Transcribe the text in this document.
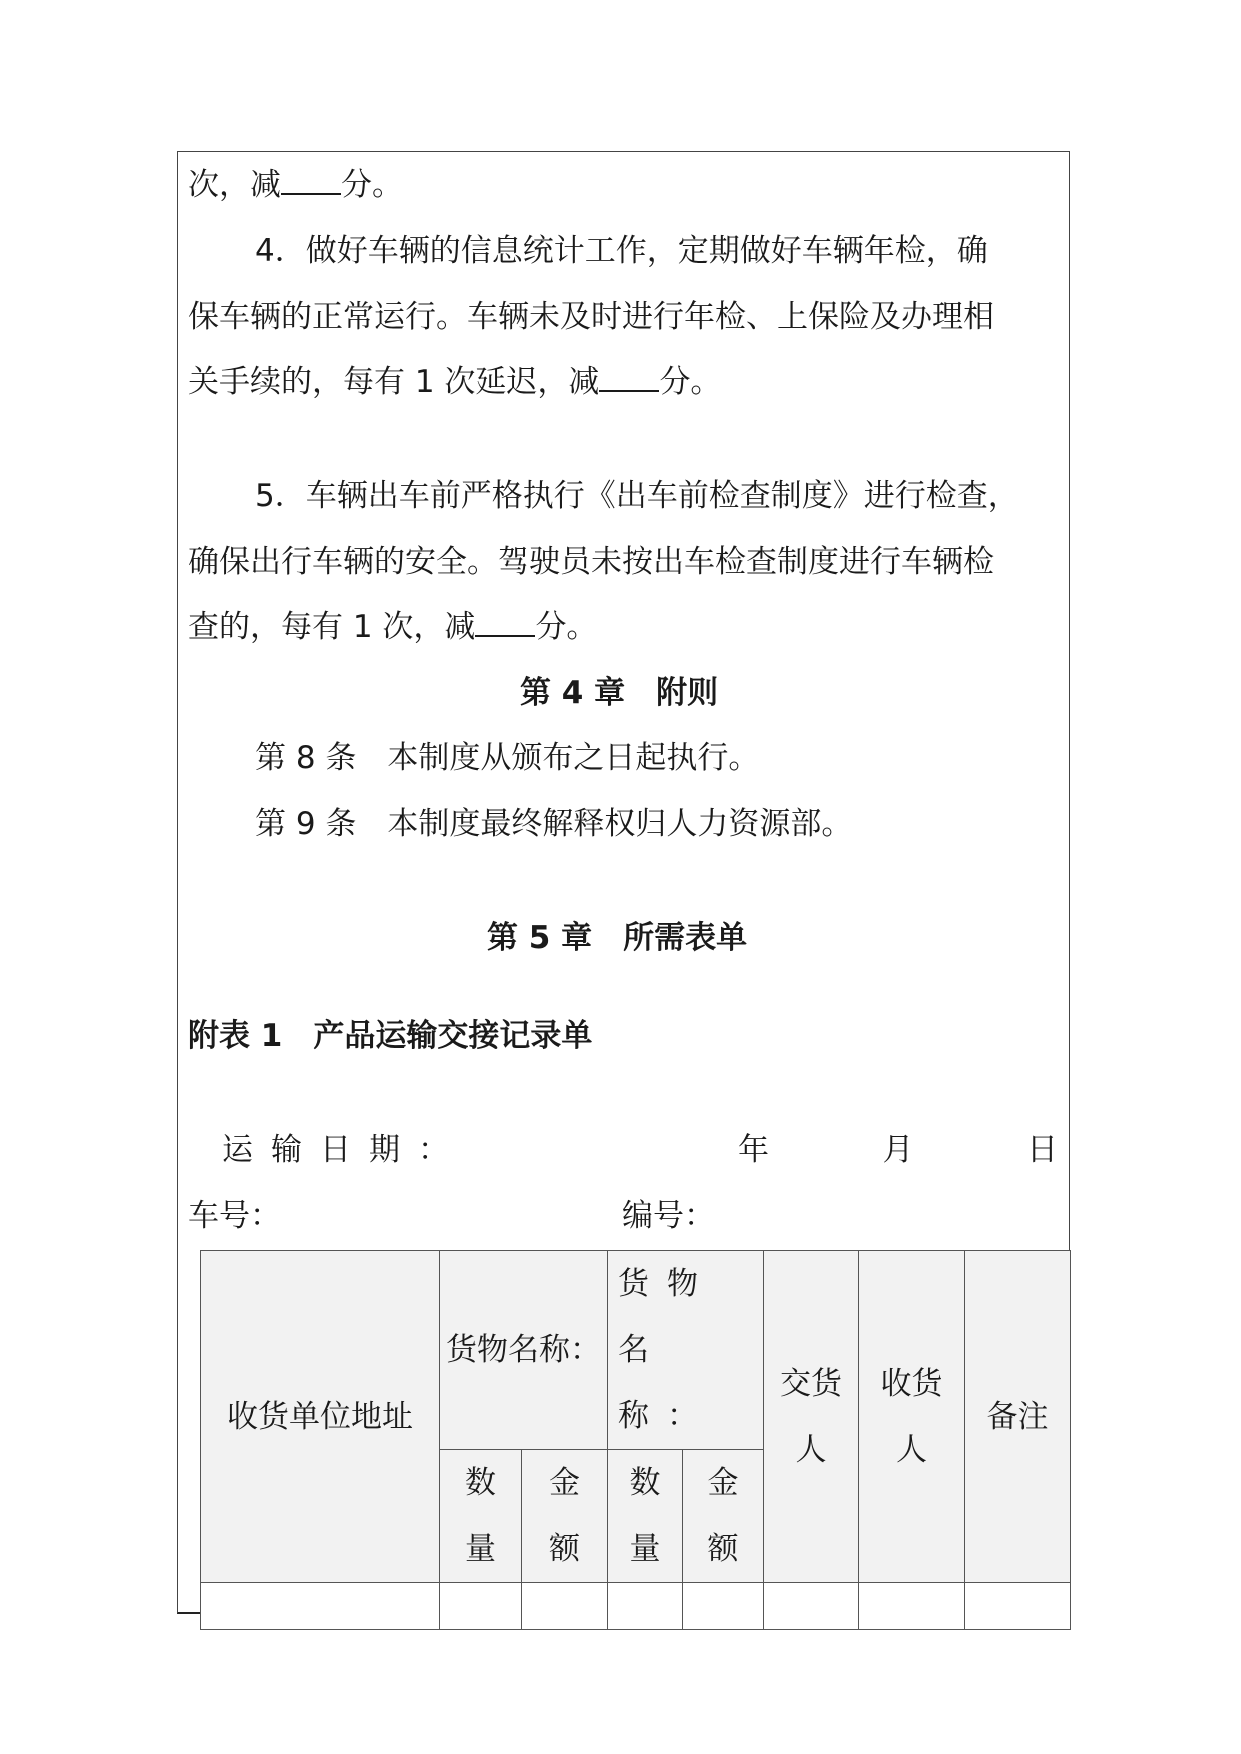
次，减 分。
4．做好车辆的信息统计工作，定期做好车辆年检，确
保车辆的正常运行。车辆未及时进行年检、上保险及办理相
关手续的，每有 1 次延迟，减 分。
5．车辆出车前严格执行《出车前检查制度》进行检查，
确保出行车辆的安全。驾驶员未按出车检查制度进行车辆检
查的，每有 1 次，减 分。
第 4 章　附则
第 8 条　本制度从颁布之日起执行。
第 9 条　本制度最终解释权归人力资源部。
第 5 章　所需表单
附表 1　产品运输交接记录单
运输日期：	年	月	日
车号：	编号：
收货单位地址	货物名称：		货物名称：		交货人	收货人	备注
	数量	金额	数量	金额			
